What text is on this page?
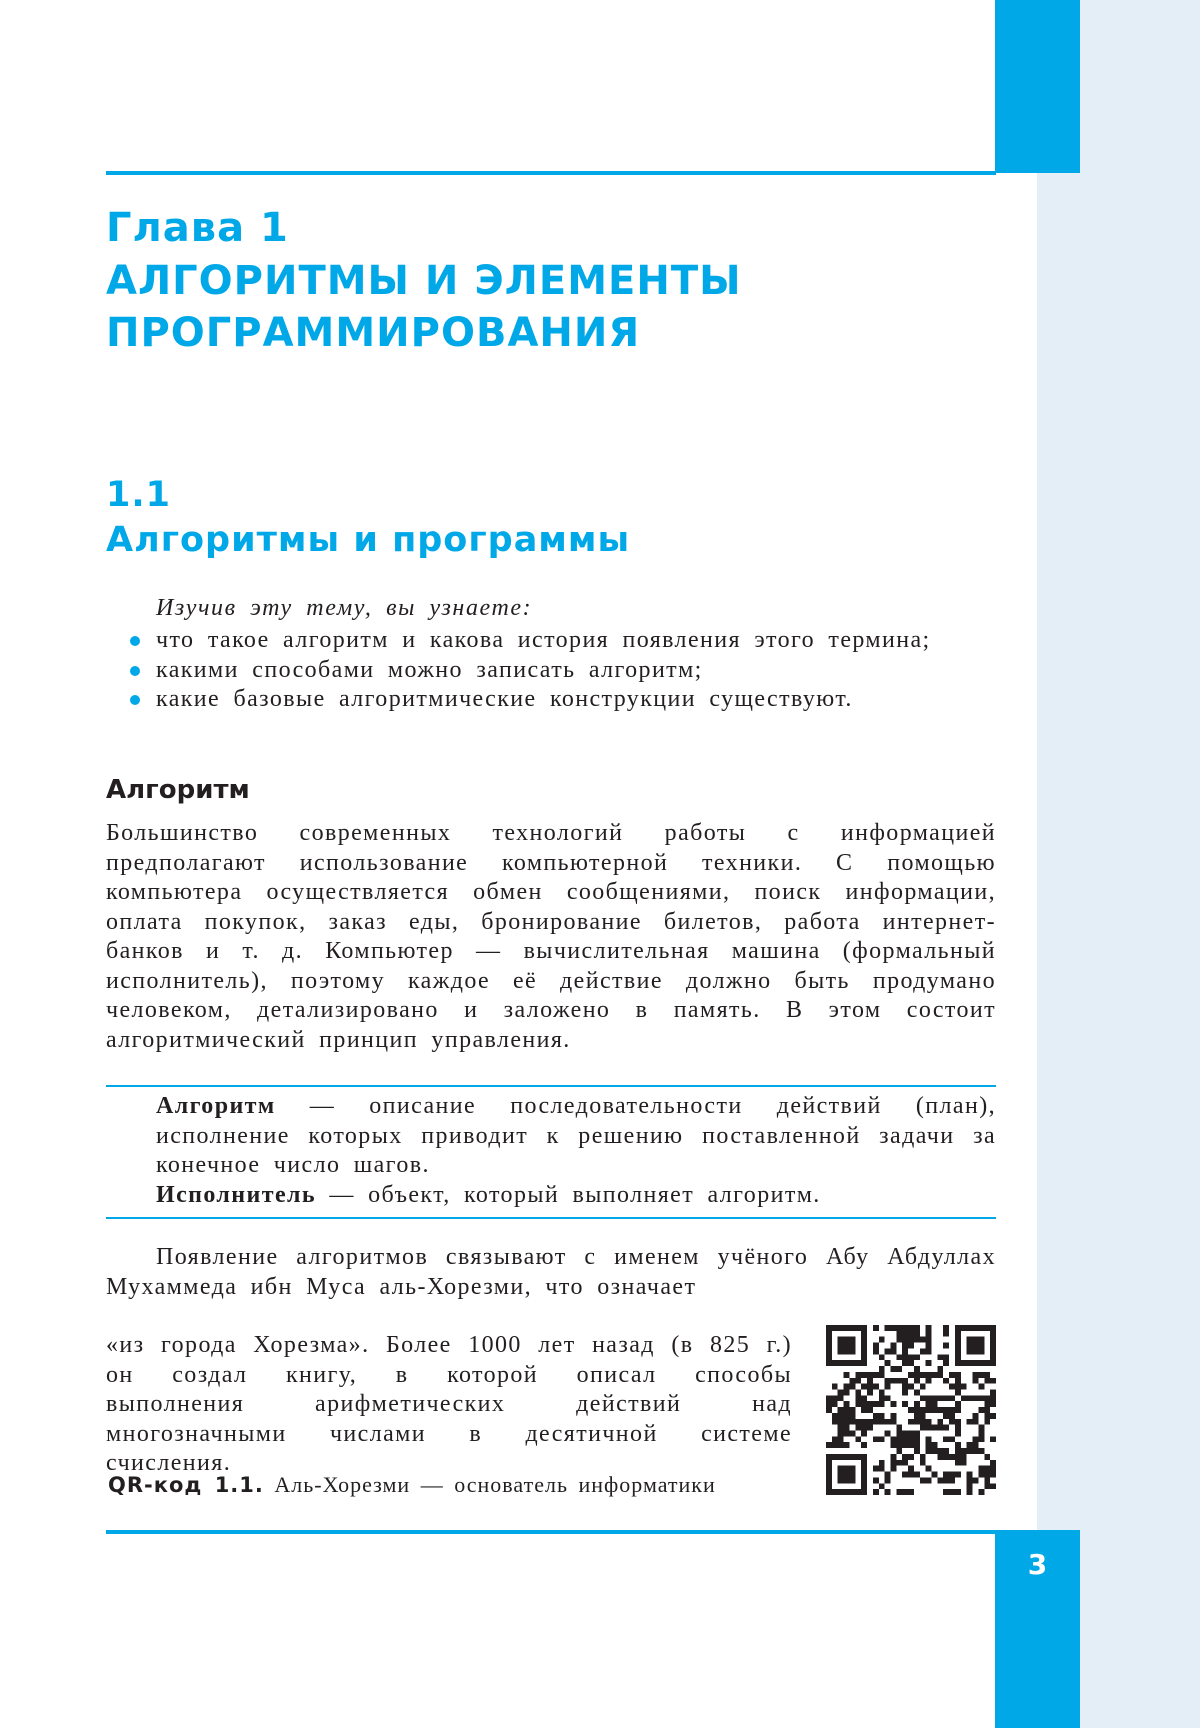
3
Глава 1
АЛГОРИТМЫ И ЭЛЕМЕНТЫ
ПРОГРАММИРОВАНИЯ
1.1
Алгоритмы и программы
Изучив эту тему, вы узнаете:
что такое алгоритм и какова история появления этого термина;
какими способами можно записать алгоритм;
какие базовые алгоритмические конструкции существуют.
Алгоритм
Большинство современных технологий работы с информацией предполагают использование компьютерной техники. С помощью компьютера осуществляется обмен сообщениями, поиск информации, оплата покупок, заказ еды, бронирование билетов, работа интернет-банков и т. д. Компьютер — вычислительная машина (формальный исполнитель), поэтому каждое её действие должно быть продумано человеком, детализировано и заложено в память. В этом состоит алгоритмический принцип управления.

Алгоритм — описание последовательности действий (план), исполнение которых приводит к решению поставленной задачи за конечное число шагов.

Исполнитель — объект, который выполняет алгоритм.

Появление алгоритмов связывают с именем учёного Абу Абдуллах Мухаммеда ибн Муса аль-Хорезми, что означает

«из города Хорезма». Более 1000 лет назад (в 825 г.) он создал книгу, в которой описал способы выполнения арифметических действий над многозначными числами в десятичной системе счисления.
QR-код 1.1. Аль-Хорезми — основатель информатики
